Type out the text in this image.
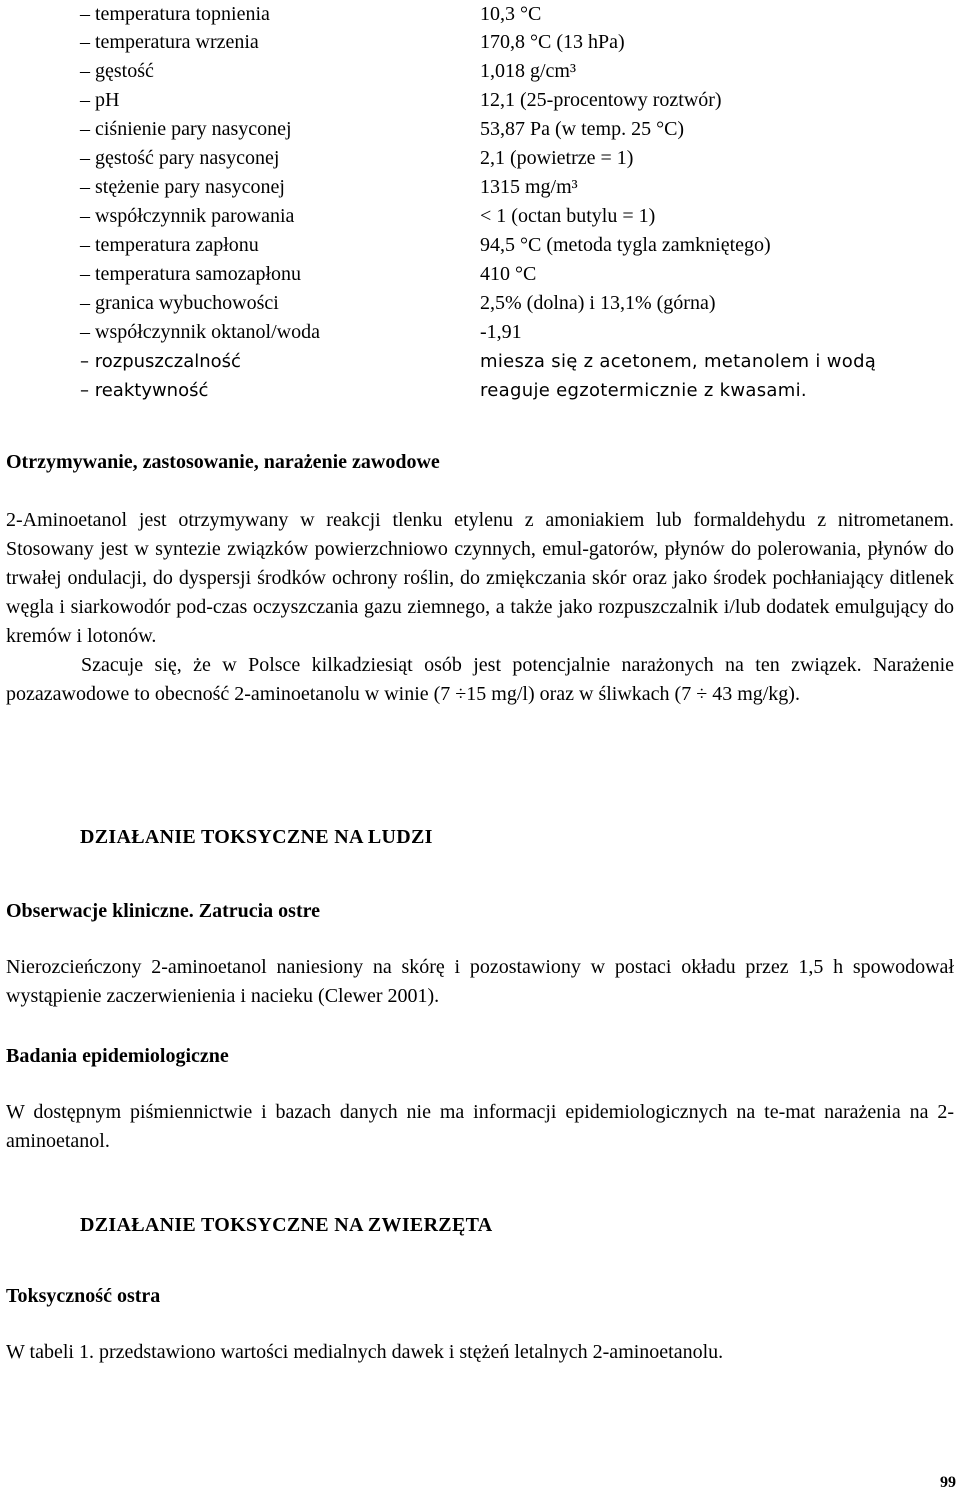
– temperatura topnienia	10,3 °C
– temperatura wrzenia	170,8 °C (13 hPa)
– gęstość	1,018 g/cm³
– pH	12,1 (25-procentowy roztwór)
– ciśnienie pary nasyconej	53,87 Pa (w temp. 25 °C)
– gęstość pary nasyconej	2,1 (powietrze = 1)
– stężenie pary nasyconej	1315 mg/m³
– współczynnik parowania	< 1 (octan butylu = 1)
– temperatura zapłonu	94,5 °C (metoda tygla zamkniętego)
– temperatura samozapłonu	410 °C
– granica wybuchowości	2,5% (dolna) i 13,1% (górna)
– współczynnik oktanol/woda	-1,91
– rozpuszczalność	miesza się z acetonem, metanolem i wodą
– reaktywność	reaguje egzotermicznie z kwasami.
Otrzymywanie, zastosowanie, narażenie zawodowe

2-Aminoetanol jest otrzymywany w reakcji tlenku etylenu z amoniakiem lub formaldehydu z nitrometanem. Stosowany jest w syntezie związków powierzchniowo czynnych, emul-gatorów, płynów do polerowania, płynów do trwałej ondulacji, do dyspersji środków ochrony roślin, do zmiękczania skór oraz jako środek pochłaniający ditlenek węgla i siarkowodór pod-czas oczyszczania gazu ziemnego, a także jako rozpuszczalnik i/lub dodatek emulgujący do kremów i lotonów.

Szacuje się, że w Polsce kilkadziesiąt osób jest potencjalnie narażonych na ten związek. Narażenie pozazawodowe to obecność 2-aminoetanolu w winie (7 ÷15 mg/l) oraz w śliwkach (7 ÷ 43 mg/kg).

DZIAŁANIE TOKSYCZNE NA LUDZI
Obserwacje kliniczne. Zatrucia ostre

Nierozcieńczony 2-aminoetanol naniesiony na skórę i pozostawiony w postaci okładu przez 1,5 h spowodował wystąpienie zaczerwienienia i nacieku (Clewer 2001).

Badania epidemiologiczne

W dostępnym piśmiennictwie i bazach danych nie ma informacji epidemiologicznych na te-mat narażenia na 2-aminoetanol.

DZIAŁANIE TOKSYCZNE NA ZWIERZĘTA
Toksyczność ostra

W tabeli 1. przedstawiono wartości medialnych dawek i stężeń letalnych 2-aminoetanolu.

99
